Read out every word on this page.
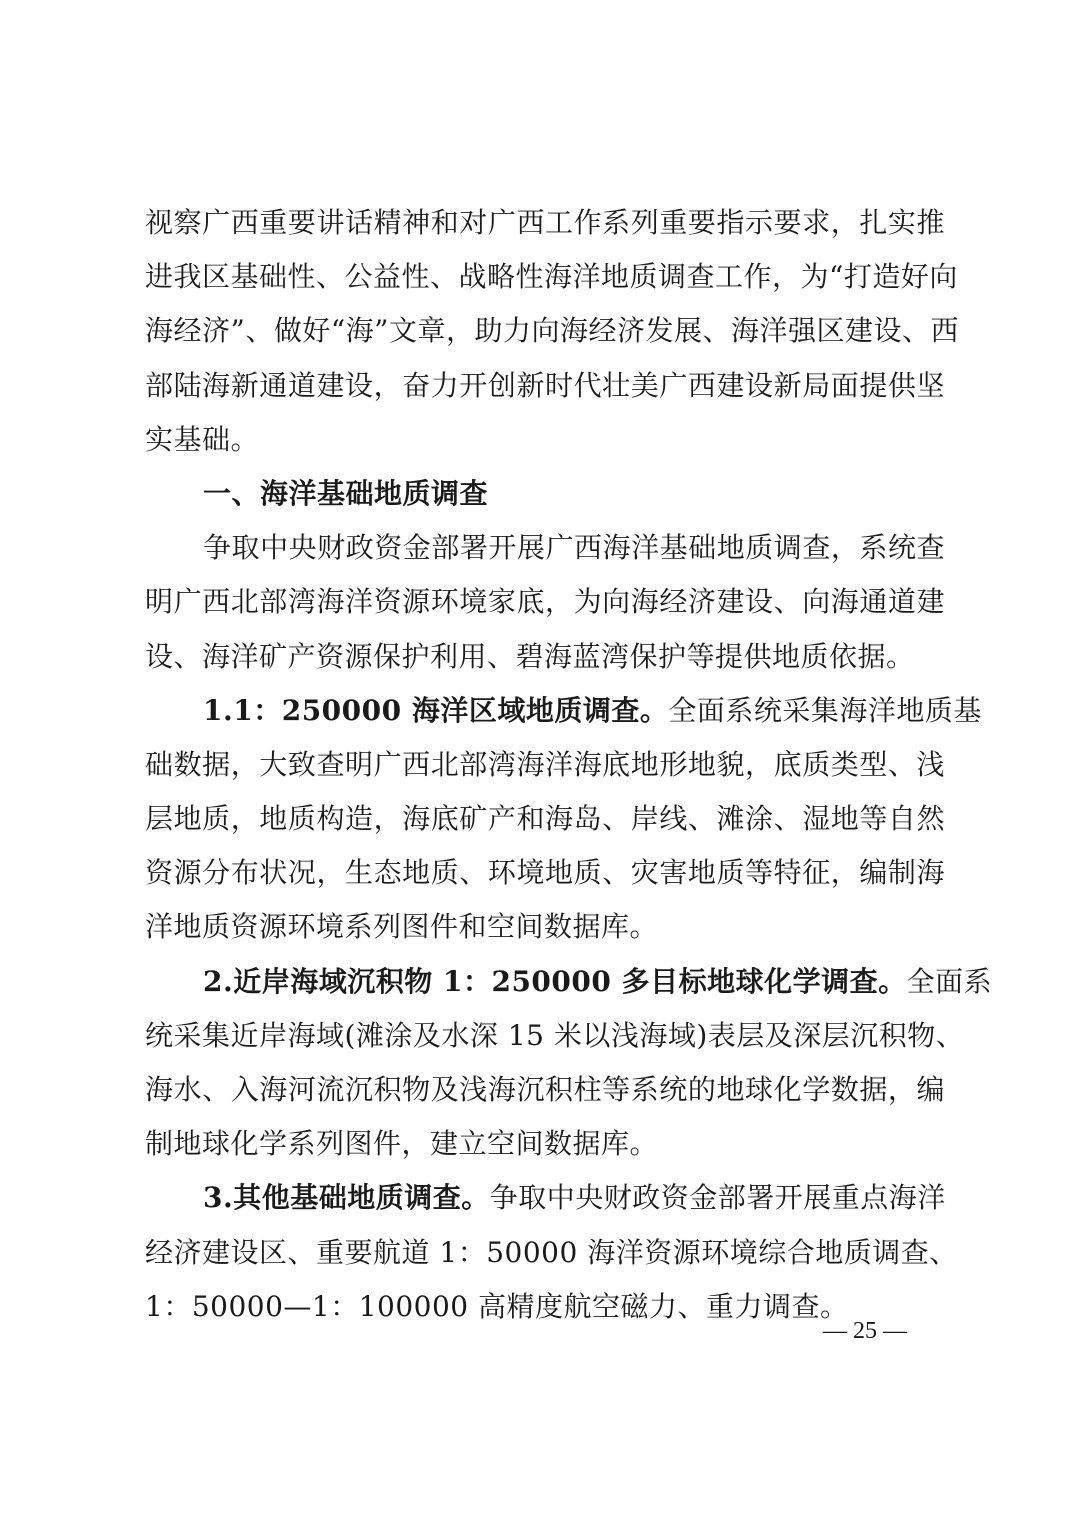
视察广西重要讲话精神和对广西工作系列重要指示要求，扎实推
进我区基础性、公益性、战略性海洋地质调查工作，为“打造好向
海经济”、做好“海”文章，助力向海经济发展、海洋强区建设、西
部陆海新通道建设，奋力开创新时代壮美广西建设新局面提供坚
实基础。
一、海洋基础地质调查
争取中央财政资金部署开展广西海洋基础地质调查，系统查
明广西北部湾海洋资源环境家底，为向海经济建设、向海通道建
设、海洋矿产资源保护利用、碧海蓝湾保护等提供地质依据。
1.1：250000 海洋区域地质调查。全面系统采集海洋地质基
础数据，大致查明广西北部湾海洋海底地形地貌，底质类型、浅
层地质，地质构造，海底矿产和海岛、岸线、滩涂、湿地等自然
资源分布状况，生态地质、环境地质、灾害地质等特征，编制海
洋地质资源环境系列图件和空间数据库。
2.近岸海域沉积物 1：250000 多目标地球化学调查。全面系
统采集近岸海域(滩涂及水深 15 米以浅海域)表层及深层沉积物、
海水、入海河流沉积物及浅海沉积柱等系统的地球化学数据，编
制地球化学系列图件，建立空间数据库。
3.其他基础地质调查。争取中央财政资金部署开展重点海洋
经济建设区、重要航道 1：50000 海洋资源环境综合地质调查、
1：50000—1：100000 高精度航空磁力、重力调查。
— 25 —
